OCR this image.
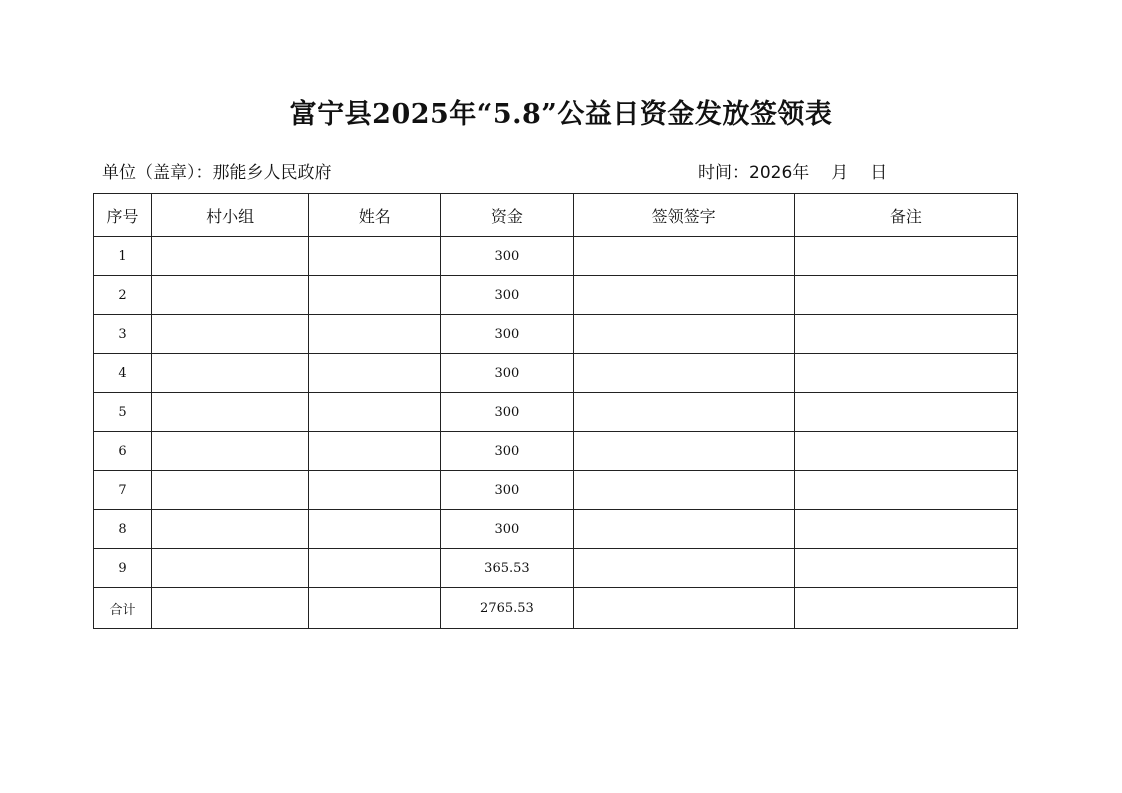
富宁县2025年“5.8”公益日资金发放签领表
单位（盖章）：那能乡人民政府	时间：2026年 月 日
序号	村小组	姓名	资金	签领签字	备注
1			300		
2			300		
3			300		
4			300		
5			300		
6			300		
7			300		
8			300		
9			365.53		
合计			2765.53		
